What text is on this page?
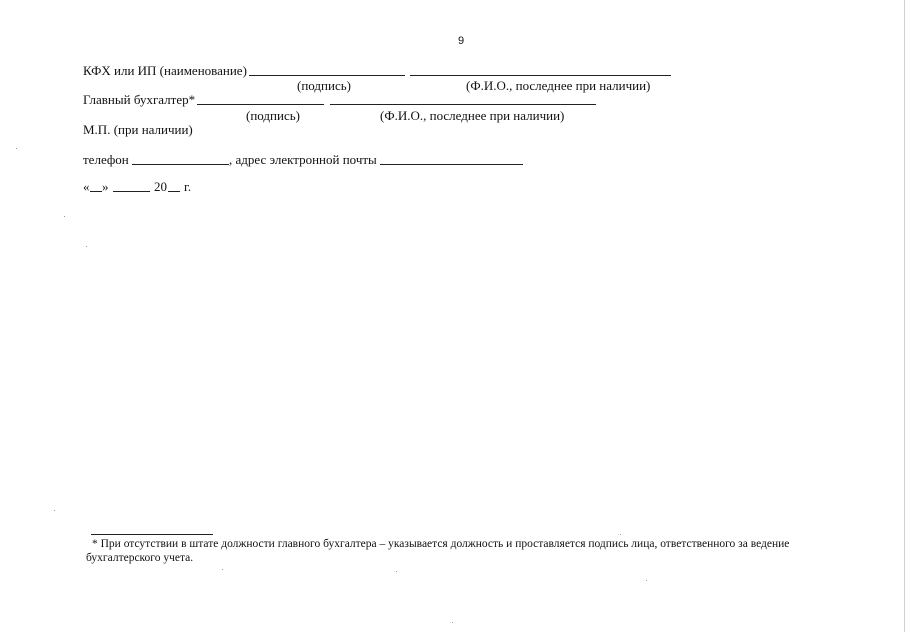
9
КФХ или ИП (наименование)
(подпись)	(Ф.И.О., последнее при наличии)
Главный бухгалтер*
(подпись)	(Ф.И.О., последнее при наличии)
М.П. (при наличии)
телефон	, адрес электронной почты
« »	20 г.
* При отсутствии в штате должности главного бухгалтера – указывается должность и проставляется подпись лица, ответственного за ведение
бухгалтерского учета.
